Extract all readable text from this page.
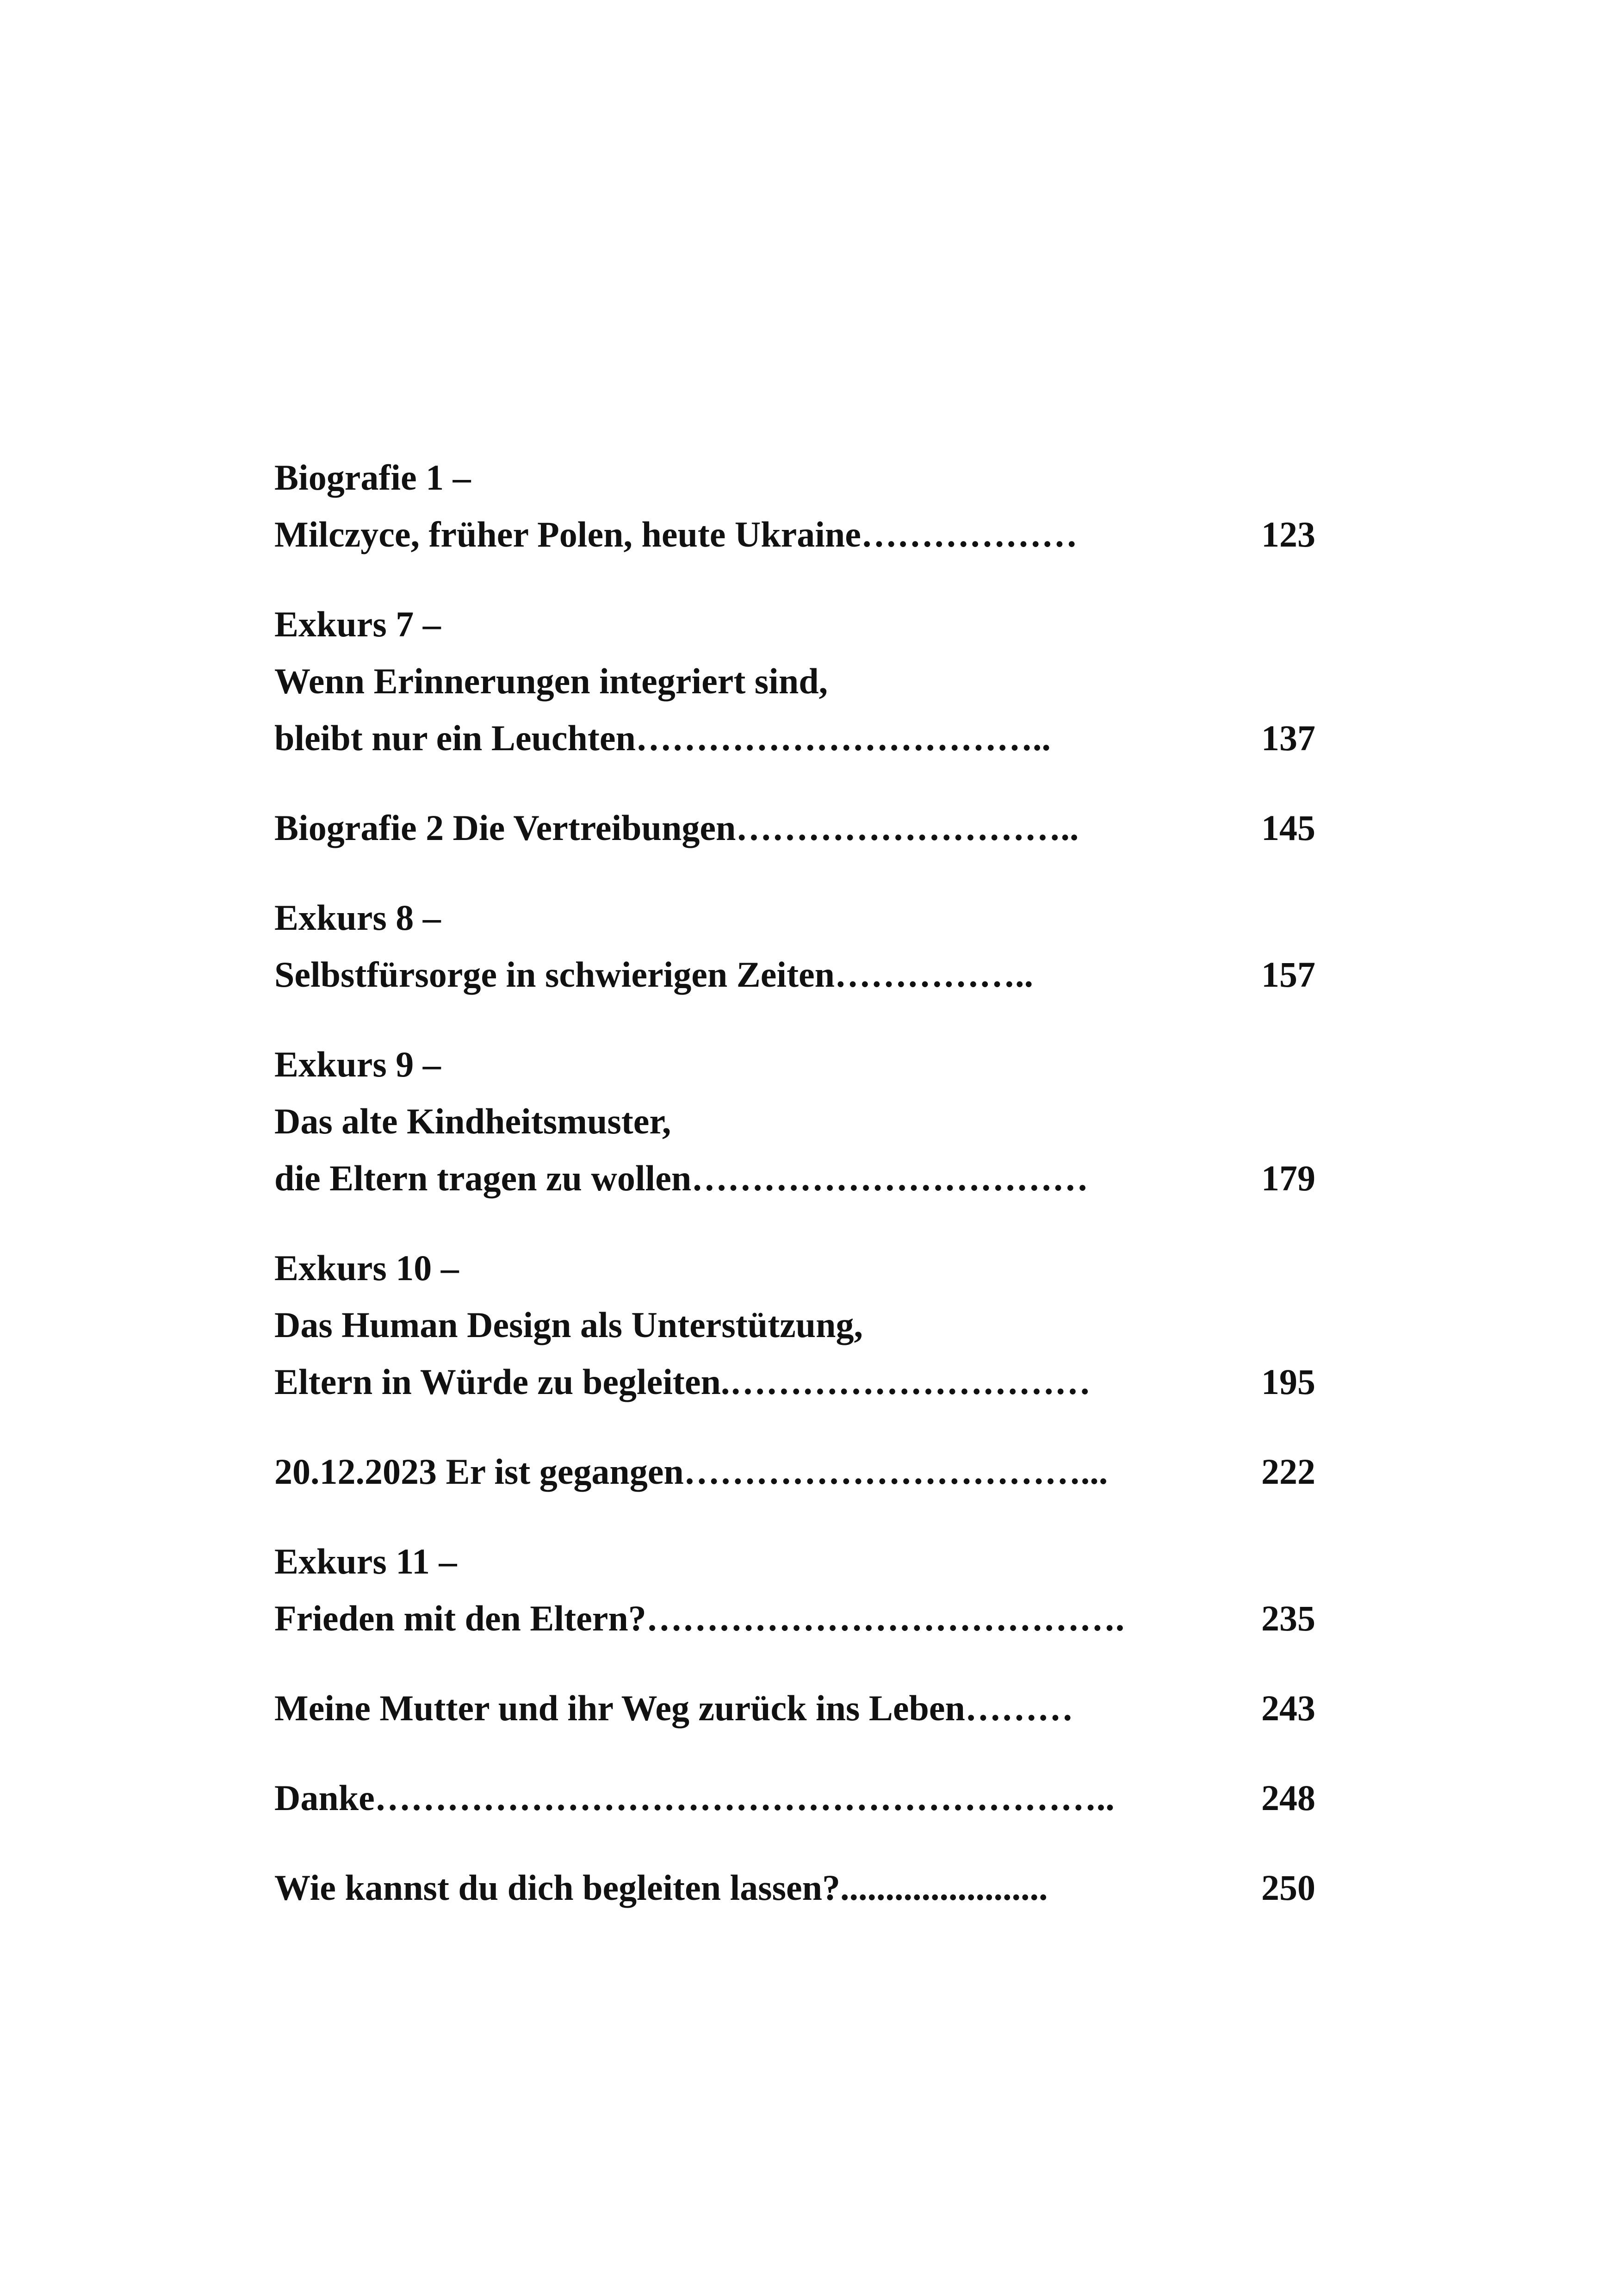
Biografie 1 –
Milczyce, früher Polen, heute Ukraine………………	123
Exkurs 7 –
Wenn Erinnerungen integriert sind,
bleibt nur ein Leuchten……………………………..	137
Biografie 2 Die Vertreibungen………………………..	145
Exkurs 8 –
Selbstfürsorge in schwierigen Zeiten……………..	157
Exkurs 9 –
Das alte Kindheitsmuster,
die Eltern tragen zu wollen……………………………	179
Exkurs 10 –
Das Human Design als Unterstützung,
Eltern in Würde zu begleiten.…………………………	195
20.12.2023 Er ist gegangen……………………………...	222
Exkurs 11 –
Frieden mit den Eltern?………………………………….	235
Meine Mutter und ihr Weg zurück ins Leben………	243
Danke……………………………………………………..	248
Wie kannst du dich begleiten lassen?.......................	250
